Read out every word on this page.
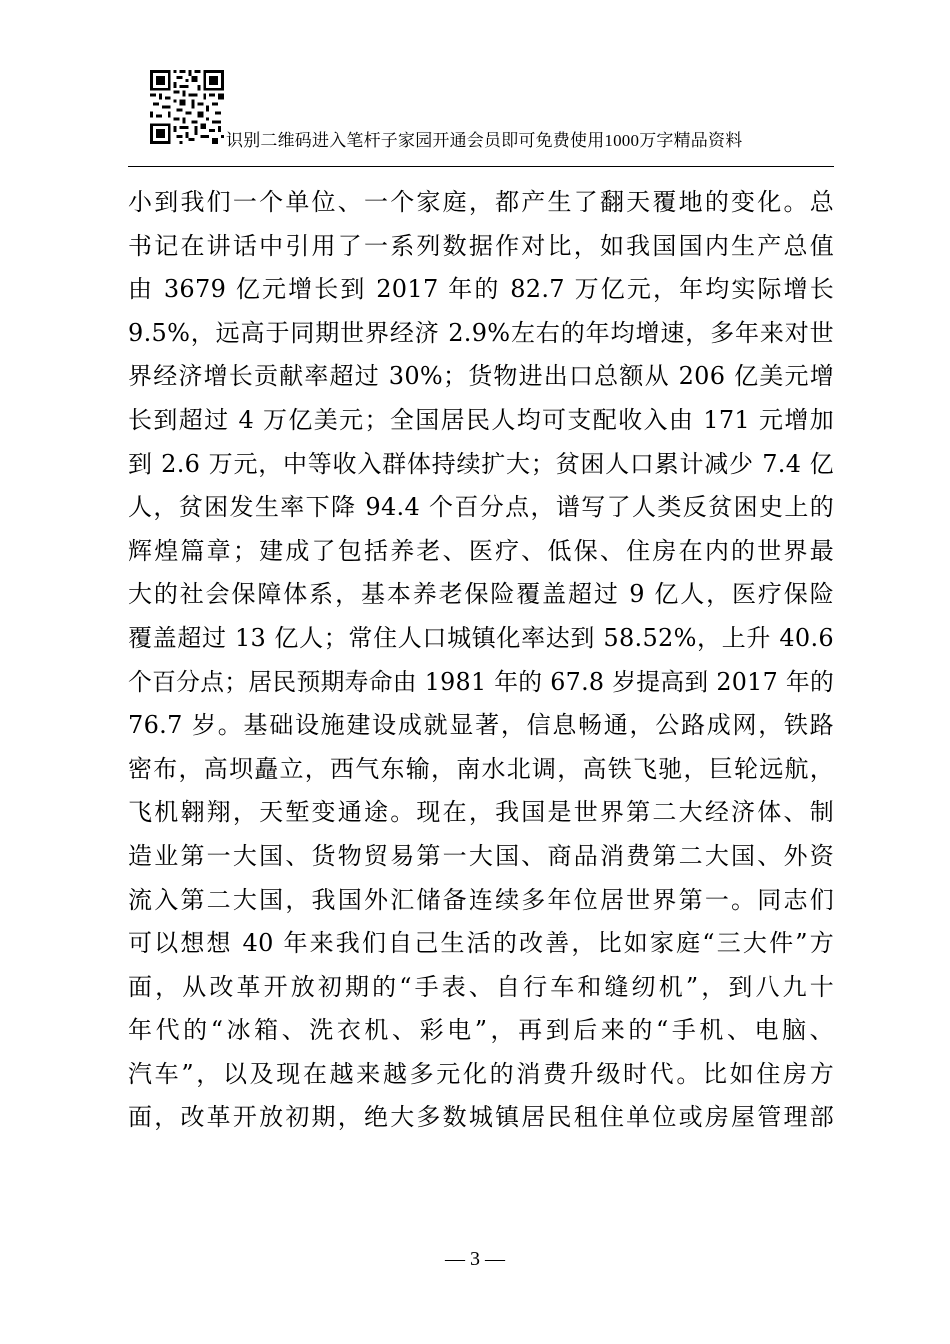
识别二维码进入笔杆子家园开通会员即可免费使用1000万字精品资料
小到我们一个单位、一个家庭，都产生了翻天覆地的变化。总
书记在讲话中引用了一系列数据作对比，如我国国内生产总值
由 3679 亿元增长到 2017 年的 82.7 万亿元，年均实际增长
9.5%，远高于同期世界经济 2.9%左右的年均增速，多年来对世
界经济增长贡献率超过 30%；货物进出口总额从 206 亿美元增
长到超过 4 万亿美元；全国居民人均可支配收入由 171 元增加
到 2.6 万元，中等收入群体持续扩大；贫困人口累计减少 7.4 亿
人，贫困发生率下降 94.4 个百分点，谱写了人类反贫困史上的
辉煌篇章；建成了包括养老、医疗、低保、住房在内的世界最
大的社会保障体系，基本养老保险覆盖超过 9 亿人，医疗保险
覆盖超过 13 亿人；常住人口城镇化率达到 58.52%，上升 40.6
个百分点；居民预期寿命由 1981 年的 67.8 岁提高到 2017 年的
76.7 岁。基础设施建设成就显著，信息畅通，公路成网，铁路
密布，高坝矗立，西气东输，南水北调，高铁飞驰，巨轮远航，
飞机翱翔，天堑变通途。现在，我国是世界第二大经济体、制
造业第一大国、货物贸易第一大国、商品消费第二大国、外资
流入第二大国，我国外汇储备连续多年位居世界第一。同志们
可以想想 40 年来我们自己生活的改善，比如家庭“三大件”方
面，从改革开放初期的“手表、自行车和缝纫机”，到八九十
年代的“冰箱、洗衣机、彩电”，再到后来的“手机、电脑、
汽车”，以及现在越来越多元化的消费升级时代。比如住房方
面，改革开放初期，绝大多数城镇居民租住单位或房屋管理部
— 3 —
